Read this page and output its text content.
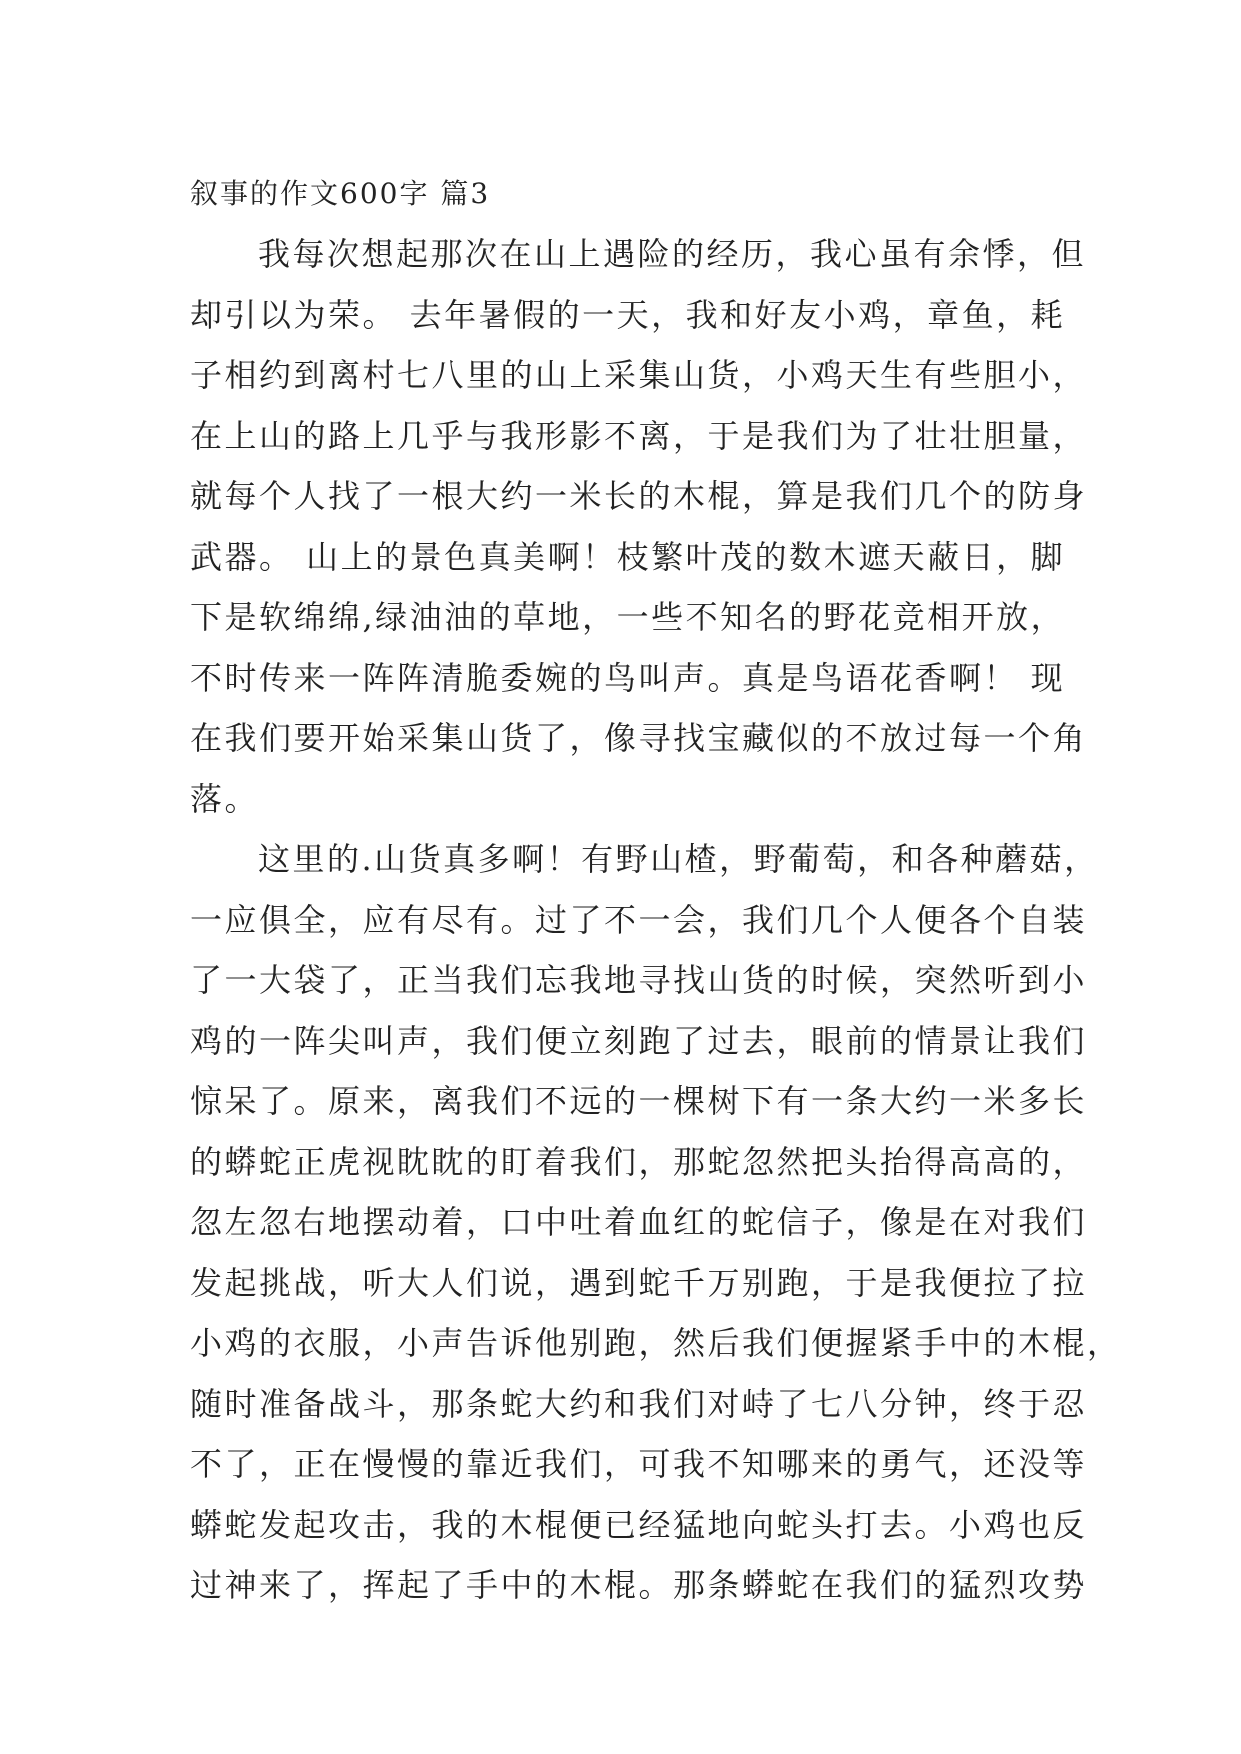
叙事的作文600字 篇3
我每次想起那次在山上遇险的经历，我心虽有余悸，但
却引以为荣。 去年暑假的一天，我和好友小鸡，章鱼，耗
子相约到离村七八里的山上采集山货，小鸡天生有些胆小，
在上山的路上几乎与我形影不离，于是我们为了壮壮胆量，
就每个人找了一根大约一米长的木棍，算是我们几个的防身
武器。 山上的景色真美啊！枝繁叶茂的数木遮天蔽日，脚
下是软绵绵,绿油油的草地，一些不知名的野花竞相开放，
不时传来一阵阵清脆委婉的鸟叫声。真是鸟语花香啊！ 现
在我们要开始采集山货了，像寻找宝藏似的不放过每一个角
落。
这里的.山货真多啊！有野山楂，野葡萄，和各种蘑菇，
一应俱全，应有尽有。过了不一会，我们几个人便各个自装
了一大袋了，正当我们忘我地寻找山货的时候，突然听到小
鸡的一阵尖叫声，我们便立刻跑了过去，眼前的情景让我们
惊呆了。原来，离我们不远的一棵树下有一条大约一米多长
的蟒蛇正虎视眈眈的盯着我们，那蛇忽然把头抬得高高的，
忽左忽右地摆动着，口中吐着血红的蛇信子，像是在对我们
发起挑战，听大人们说，遇到蛇千万别跑，于是我便拉了拉
小鸡的衣服，小声告诉他别跑，然后我们便握紧手中的木棍，
随时准备战斗，那条蛇大约和我们对峙了七八分钟，终于忍
不了，正在慢慢的靠近我们，可我不知哪来的勇气，还没等
蟒蛇发起攻击，我的木棍便已经猛地向蛇头打去。小鸡也反
过神来了，挥起了手中的木棍。那条蟒蛇在我们的猛烈攻势
